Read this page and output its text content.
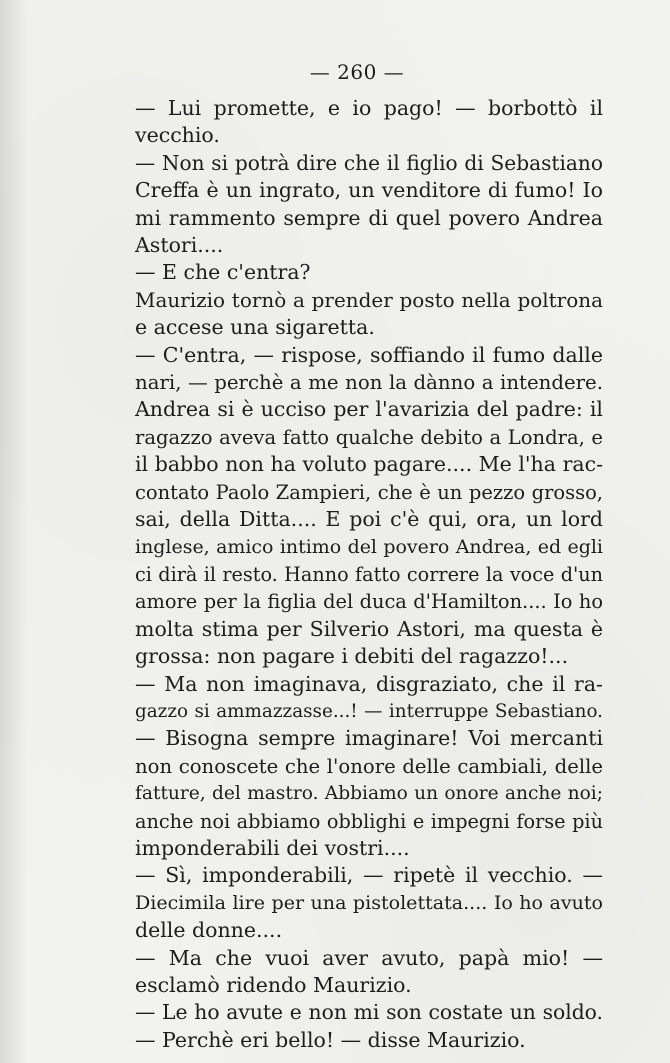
— 260 —
— Lui promette, e io pago! — borbottò il
vecchio.
— Non si potrà dire che il figlio di Sebastiano
Creffa è un ingrato, un venditore di fumo! Io
mi rammento sempre di quel povero Andrea
Astori....
— E che c'entra?
Maurizio tornò a prender posto nella poltrona
e accese una sigaretta.
— C'entra, — rispose, soffiando il fumo dalle
nari, — perchè a me non la dànno a intendere.
Andrea si è ucciso per l'avarizia del padre: il
ragazzo aveva fatto qualche debito a Londra, e
il babbo non ha voluto pagare.... Me l'ha rac-
contato Paolo Zampieri, che è un pezzo grosso,
sai, della Ditta.... E poi c'è qui, ora, un lord
inglese, amico intimo del povero Andrea, ed egli
ci dirà il resto. Hanno fatto correre la voce d'un
amore per la figlia del duca d'Hamilton.... Io ho
molta stima per Silverio Astori, ma questa è
grossa: non pagare i debiti del ragazzo!...
— Ma non imaginava, disgraziato, che il ra-
gazzo si ammazzasse...! — interruppe Sebastiano.
— Bisogna sempre imaginare! Voi mercanti
non conoscete che l'onore delle cambiali, delle
fatture, del mastro. Abbiamo un onore anche noi;
anche noi abbiamo obblighi e impegni forse più
imponderabili dei vostri....
— Sì, imponderabili, — ripetè il vecchio. —
Diecimila lire per una pistolettata.... Io ho avuto
delle donne....
— Ma che vuoi aver avuto, papà mio! —
esclamò ridendo Maurizio.
— Le ho avute e non mi son costate un soldo.
— Perchè eri bello! — disse Maurizio.
